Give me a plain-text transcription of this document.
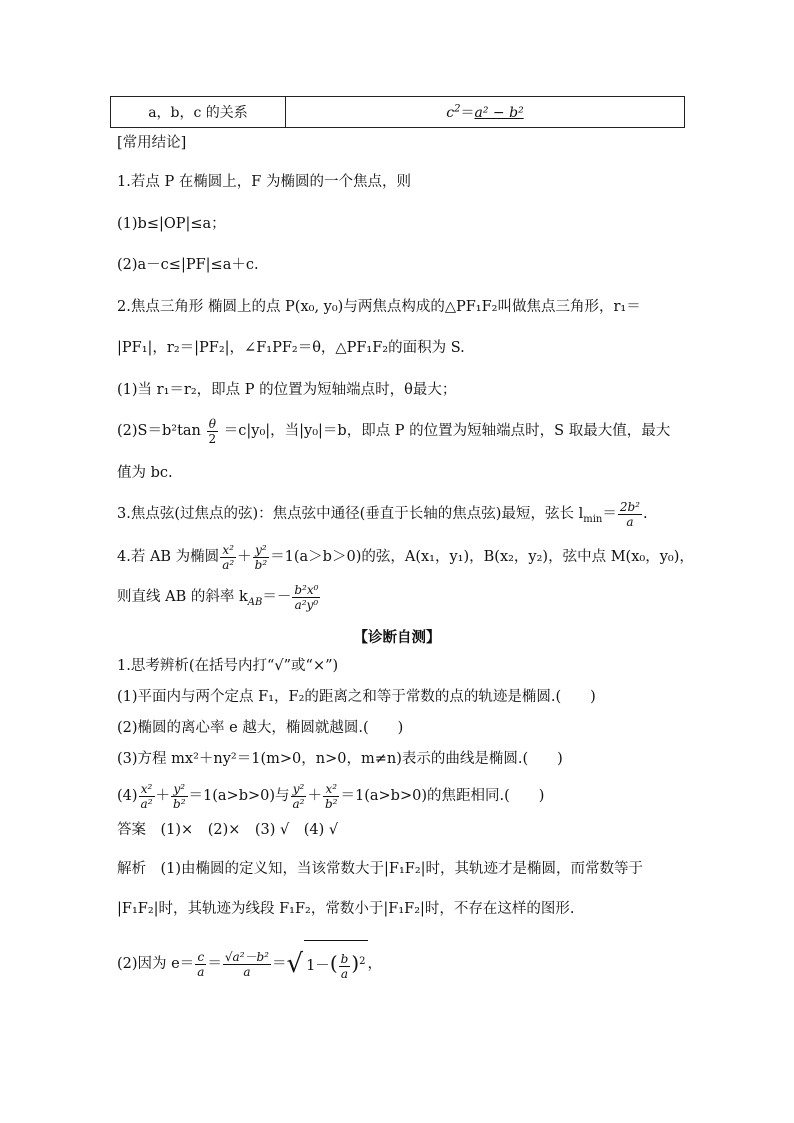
a，b，c 的关系	$c^2=a^2 - b^2$
[常用结论]
1.若点 P 在椭圆上，F 为椭圆的一个焦点，则
(1)b≤|OP|≤a；
(2)a－c≤|PF|≤a＋c.
2.焦点三角形 椭圆上的点 P(x₀, y₀)与两焦点构成的△PF₁F₂叫做焦点三角形，r₁＝
|PF₁|，r₂＝|PF₂|，∠F₁PF₂＝θ，△PF₁F₂的面积为 S.
(1)当 r₁＝r₂，即点 P 的位置为短轴端点时，θ最大；
$(2)S=b^2\tan \frac{\theta}{2} =c|y_0|$，当|y₀|＝b，即点 P 的位置为短轴端点时，S 取最大值，最大
值为 bc.
3.焦点弦(过焦点的弦)：焦点弦中通径(垂直于长轴的焦点弦)最短，弦长 $l_{min}= \frac{\text{2b²}}{a}$ .
4.若 AB 为椭圆 $\frac{\text{x²}}{\text{a²}} + \frac{\text{y²}}{\text{b²}} =1(a>b>0)$的弦，A(x₁，y₁)，B(x₂，y₂)，弦中点 M(x₀，y₀)，
则直线 AB 的斜率 $k_{AB}=- \frac{\text{b²x⁰}}{\text{a²y⁰}}$
【诊断自测】
1.思考辨析(在括号内打“√”或“×”)
(1)平面内与两个定点 F₁，F₂的距离之和等于常数的点的轨迹是椭圆.(　　)
(2)椭圆的离心率 e 越大，椭圆就越圆.(　　)
(3)方程 mx²＋ny²＝1(m>0，n>0，m≠n)表示的曲线是椭圆.(　　)
$(4) \frac{\text{x²}}{\text{a²}} + \frac{\text{y²}}{\text{b²}} =1(a>b>0)$与 $\frac{\text{y²}}{\text{a²}} + \frac{\text{x²}}{\text{b²}} =1(a>b>0)$的焦距相同.(　　)
答案　(1)×　(2)×　(3) √　(4) √
解析　(1)由椭圆的定义知，当该常数大于|F₁F₂|时，其轨迹才是椭圆，而常数等于
|F₁F₂|时，其轨迹为线段 F₁F₂，常数小于|F₁F₂|时，不存在这样的图形.
(2)因为 $e= \frac{c}{a} = \frac{\text{√a²－b²}}{a}$ ＝√ $1-( \frac{b}{a} )^2$ ，
